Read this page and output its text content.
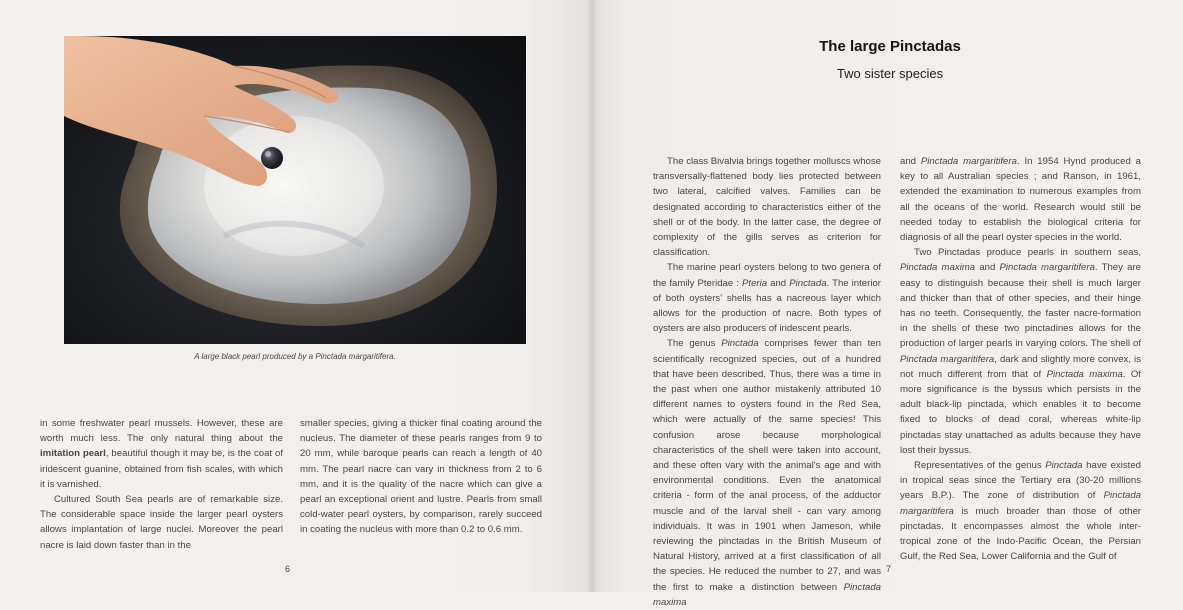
A large black pearl produced by a Pinctada margaritifera.

in some freshwater pearl mussels. However, these are worth much less. The only natural thing about the imitation pearl, beautiful though it may be, is the coat of iridescent guanine, obtained from fish scales, with which it is varnished.

Cultured South Sea pearls are of remarkable size. The considerable space inside the larger pearl oysters allows implantation of large nuclei. Moreover the pearl nacre is laid down faster than in the

smaller species, giving a thicker final coating around the nucleus. The diameter of these pearls ranges from 9 to 20 mm, while baroque pearls can reach a length of 40 mm. The pearl nacre can vary in thickness from 2 to 6 mm, and it is the quality of the nacre which can give a pearl an exceptional orient and lustre. Pearls from small cold-water pearl oysters, by comparison, rarely succeed in coating the nucleus with more than 0.2 to 0.6 mm.

6
The large Pinctadas
Two sister species

The class Bivalvia brings together molluscs whose transversally-flattened body lies protected between two lateral, calcified valves. Families can be designated according to characteristics either of the shell or of the body. In the latter case, the degree of complexity of the gills serves as criterion for classification.

The marine pearl oysters belong to two genera of the family Pteridae : Pteria and Pinctada. The interior of both oysters' shells has a nacreous layer which allows for the production of nacre. Both types of oysters are also producers of iridescent pearls.

The genus Pinctada comprises fewer than ten scientifically recognized species, out of a hundred that have been described. Thus, there was a time in the past when one author mistakenly attributed 10 different names to oysters found in the Red Sea, which were actually of the same species! This confusion arose because morphological characteristics of the shell were taken into account, and these often vary with the animal's age and with environmental conditions. Even the anatomical criteria - form of the anal process, of the adductor muscle and of the larval shell - can vary among individuals. It was in 1901 when Jameson, while reviewing the pinctadas in the British Museum of Natural History, arrived at a first classification of all the species. He reduced the number to 27, and was the first to make a distinction between Pinctada maxima

and Pinctada margaritifera. In 1954 Hynd produced a key to all Australian species ; and Ranson, in 1961, extended the examination to numerous examples from all the oceans of the world. Research would still be needed today to establish the biological criteria for diagnosis of all the pearl oyster species in the world.

Two Pinctadas produce pearls in southern seas, Pinctada maxima and Pinctada margaritifera. They are easy to distinguish because their shell is much larger and thicker than that of other species, and their hinge has no teeth. Consequently, the faster nacre-formation in the shells of these two pinctadines allows for the production of larger pearls in varying colors. The shell of Pinctada margaritifera, dark and slightly more convex, is not much different from that of Pinctada maxima. Of more significance is the byssus which persists in the adult black-lip pinctada, which enables it to become fixed to blocks of dead coral, whereas white-lip pinctadas stay unattached as adults because they have lost their byssus.

Representatives of the genus Pinctada have existed in tropical seas since the Tertiary era (30-20 millions years B.P.). The zone of distribution of Pinctada margaritifera is much broader than those of other pinctadas. It encompasses almost the whole inter-tropical zone of the Indo-Pacific Ocean, the Persian Gulf, the Red Sea, Lower California and the Gulf of

7
